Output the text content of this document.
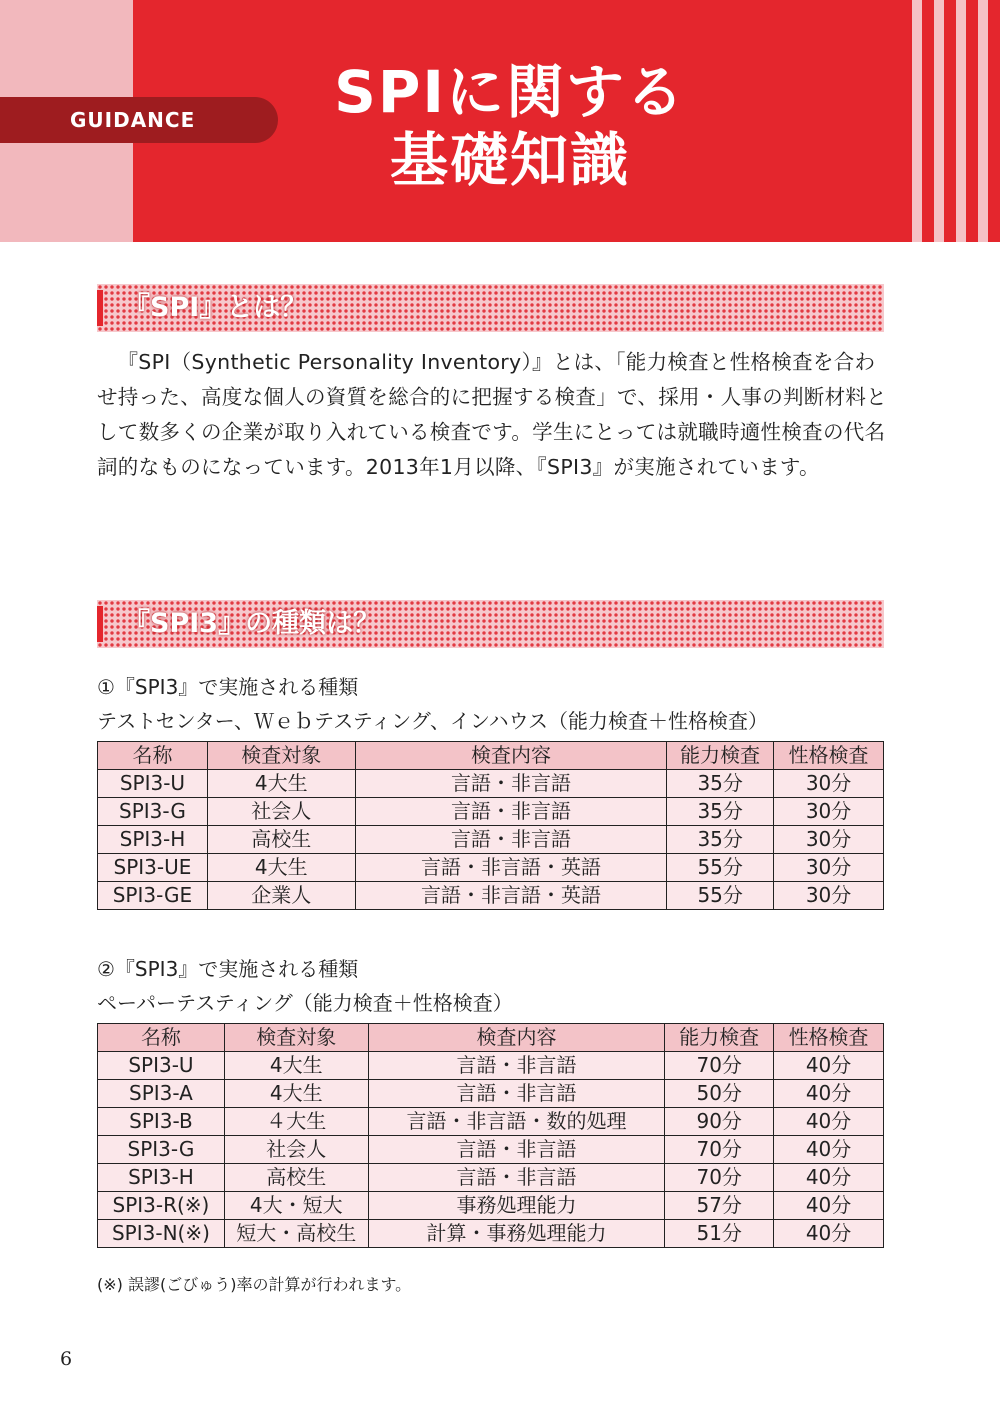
GUIDANCE	SPIに関する
基礎知識
『SPI』とは？

『SPI（Synthetic Personality Inventory）』とは、「能力検査と性格検査を合わせ持った、高度な個人の資質を総合的に把握する検査」で、採用・人事の判断材料として数多くの企業が取り入れている検査です。学生にとっては就職時適性検査の代名詞的なものになっています。2013年1月以降、『SPI3』が実施されています。

『SPI3』の種類は？
①『SPI3』で実施される種類
テストセンター、Ｗｅｂテスティング、インハウス（能力検査＋性格検査）
名称	検査対象	検査内容	能力検査	性格検査
SPI3-U	4大生	言語・非言語	35分	30分
SPI3-G	社会人	言語・非言語	35分	30分
SPI3-H	高校生	言語・非言語	35分	30分
SPI3-UE	4大生	言語・非言語・英語	55分	30分
SPI3-GE	企業人	言語・非言語・英語	55分	30分
②『SPI3』で実施される種類
ペーパーテスティング（能力検査＋性格検査）
名称	検査対象	検査内容	能力検査	性格検査
SPI3-U	4大生	言語・非言語	70分	40分
SPI3-A	4大生	言語・非言語	50分	40分
SPI3-B	４大生	言語・非言語・数的処理	90分	40分
SPI3-G	社会人	言語・非言語	70分	40分
SPI3-H	高校生	言語・非言語	70分	40分
SPI3-R(※)	4大・短大	事務処理能力	57分	40分
SPI3-N(※)	短大・高校生	計算・事務処理能力	51分	40分
(※) 誤謬(ごびゅう)率の計算が行われます。
6
